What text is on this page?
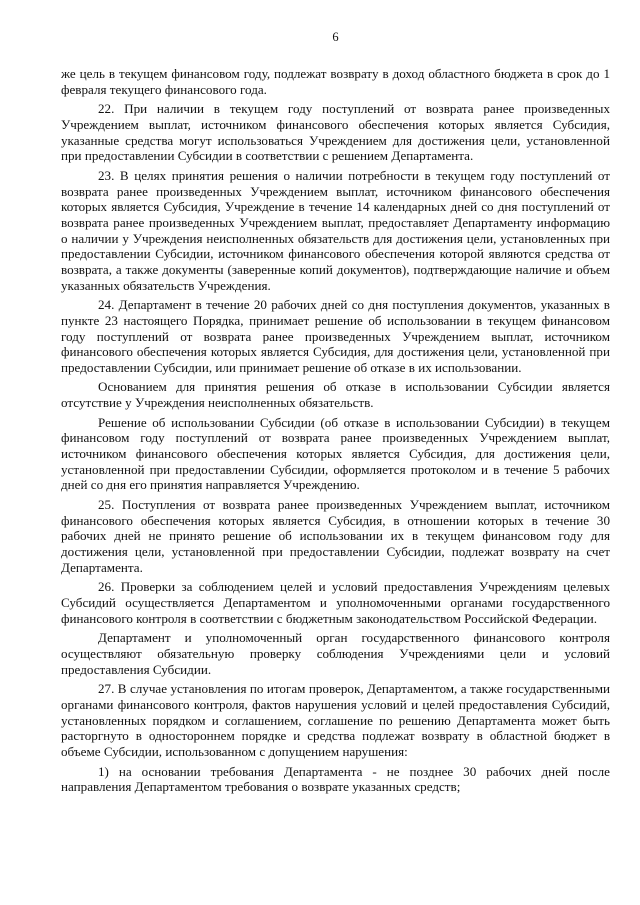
6

же цель в текущем финансовом году, подлежат возврату в доход областного бюджета в срок до 1 февраля текущего финансового года.

22. При наличии в текущем году поступлений от возврата ранее произведенных Учреждением выплат, источником финансового обеспечения которых является Субсидия, указанные средства могут использоваться Учреждением для достижения цели, установленной при предоставлении Субсидии в соответствии с решением Департамента.

23. В целях принятия решения о наличии потребности в текущем году поступлений от возврата ранее произведенных Учреждением выплат, источником финансового обеспечения которых является Субсидия, Учреждение в течение 14 календарных дней со дня поступлений от возврата ранее произведенных Учреждением выплат, предоставляет Департаменту информацию о наличии у Учреждения неисполненных обязательств для достижения цели, установленных при предоставлении Субсидии, источником финансового обеспечения которой являются средства от возврата, а также документы (заверенные копий документов), подтверждающие наличие и объем указанных обязательств Учреждения.

24. Департамент в течение 20 рабочих дней со дня поступления документов, указанных в пункте 23 настоящего Порядка, принимает решение об использовании в текущем финансовом году поступлений от возврата ранее произведенных Учреждением выплат, источником финансового обеспечения которых является Субсидия, для достижения цели, установленной при предоставлении Субсидии, или принимает решение об отказе в их использовании.

Основанием для принятия решения об отказе в использовании Субсидии является отсутствие у Учреждения неисполненных обязательств.

Решение об использовании Субсидии (об отказе в использовании Субсидии) в текущем финансовом году поступлений от возврата ранее произведенных Учреждением выплат, источником финансового обеспечения которых является Субсидия, для достижения цели, установленной при предоставлении Субсидии, оформляется протоколом и в течение 5 рабочих дней со дня его принятия направляется Учреждению.

25. Поступления от возврата ранее произведенных Учреждением выплат, источником финансового обеспечения которых является Субсидия, в отношении которых в течение 30 рабочих дней не принято решение об использовании их в текущем финансовом году для достижения цели, установленной при предоставлении Субсидии, подлежат возврату на счет Департамента.

26. Проверки за соблюдением целей и условий предоставления Учреждениям целевых Субсидий осуществляется Департаментом и уполномоченными органами государственного финансового контроля в соответствии с бюджетным законодательством Российской Федерации.

Департамент и уполномоченный орган государственного финансового контроля осуществляют обязательную проверку соблюдения Учреждениями цели и условий предоставления Субсидии.

27. В случае установления по итогам проверок, Департаментом, а также государственными органами финансового контроля, фактов нарушения условий и целей предоставления Субсидий, установленных порядком и соглашением, соглашение по решению Департамента может быть расторгнуто в одностороннем порядке и средства подлежат возврату в областной бюджет в объеме Субсидии, использованном с допущением нарушения:

1) на основании требования Департамента - не позднее 30 рабочих дней после направления Департаментом требования о возврате указанных средств;
